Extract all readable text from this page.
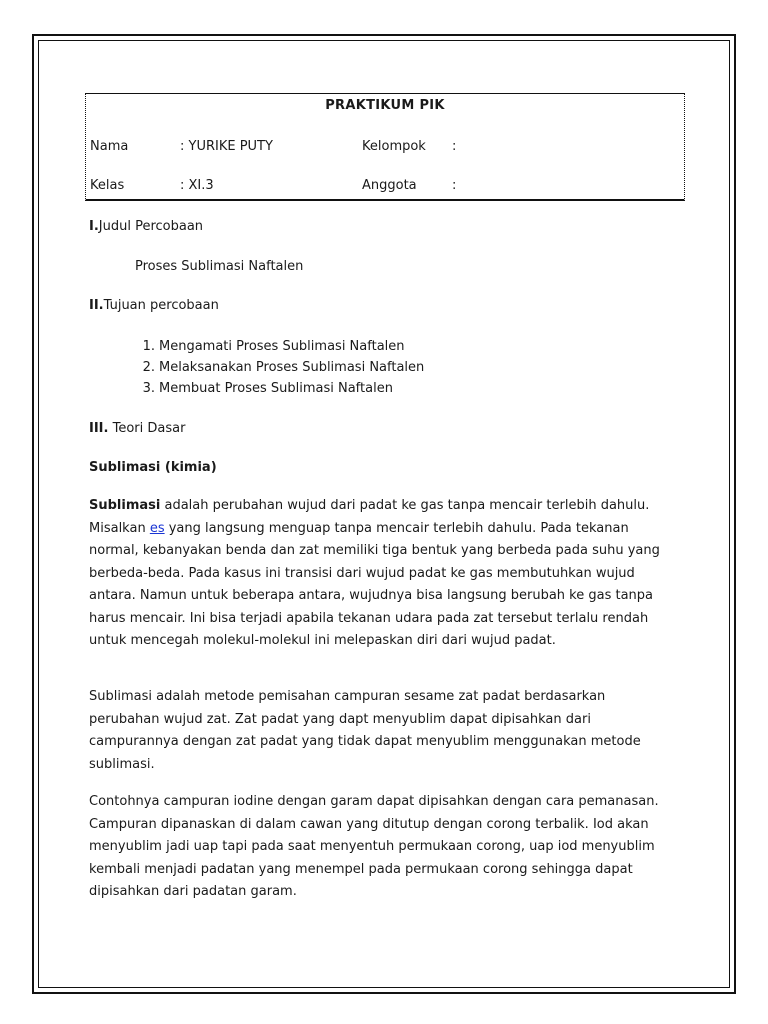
PRAKTIKUM PIK
Nama	: YURIKE PUTY	Kelompok :
Kelas	: XI.3	Anggota	:
I.Judul Percobaan
Proses Sublimasi Naftalen
II.Tujuan percobaan
1. Mengamati Proses Sublimasi Naftalen
2. Melaksanakan Proses Sublimasi Naftalen
3. Membuat Proses Sublimasi Naftalen
III. Teori Dasar
Sublimasi (kimia)

Sublimasi adalah perubahan wujud dari padat ke gas tanpa mencair terlebih dahulu. Misalkan es yang langsung menguap tanpa mencair terlebih dahulu. Pada tekanan normal, kebanyakan benda dan zat memiliki tiga bentuk yang berbeda pada suhu yang berbeda-beda. Pada kasus ini transisi dari wujud padat ke gas membutuhkan wujud antara. Namun untuk beberapa antara, wujudnya bisa langsung berubah ke gas tanpa harus mencair. Ini bisa terjadi apabila tekanan udara pada zat tersebut terlalu rendah untuk mencegah molekul-molekul ini melepaskan diri dari wujud padat.

Sublimasi adalah metode pemisahan campuran sesame zat padat berdasarkan perubahan wujud zat. Zat padat yang dapt menyublim dapat dipisahkan dari campurannya dengan zat padat yang tidak dapat menyublim menggunakan metode sublimasi.

Contohnya campuran iodine dengan garam dapat dipisahkan dengan cara pemanasan. Campuran dipanaskan di dalam cawan yang ditutup dengan corong terbalik. Iod akan menyublim jadi uap tapi pada saat menyentuh permukaan corong, uap iod menyublim kembali menjadi padatan yang menempel pada permukaan corong sehingga dapat dipisahkan dari padatan garam.
